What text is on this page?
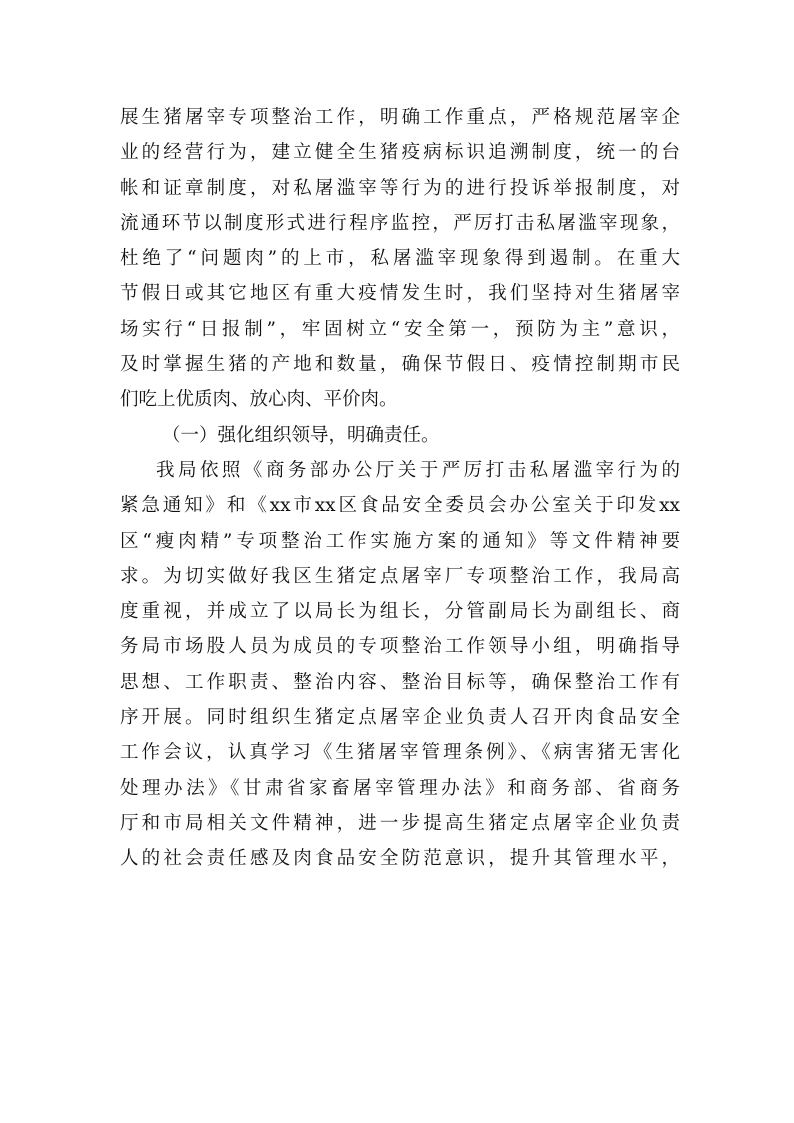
展生猪屠宰专项整治工作，明确工作重点，严格规范屠宰企
业的经营行为，建立健全生猪疫病标识追溯制度，统一的台
帐和证章制度，对私屠滥宰等行为的进行投诉举报制度，对
流通环节以制度形式进行程序监控，严厉打击私屠滥宰现象，
杜绝了“问题肉”的上市，私屠滥宰现象得到遏制。在重大
节假日或其它地区有重大疫情发生时，我们坚持对生猪屠宰
场实行“日报制”，牢固树立“安全第一，预防为主”意识，
及时掌握生猪的产地和数量，确保节假日、疫情控制期市民
们吃上优质肉、放心肉、平价肉。
（一）强化组织领导，明确责任。
我局依照《商务部办公厅关于严厉打击私屠滥宰行为的
紧急通知》和《xx市xx区食品安全委员会办公室关于印发xx
区“瘦肉精”专项整治工作实施方案的通知》等文件精神要
求。为切实做好我区生猪定点屠宰厂专项整治工作，我局高
度重视，并成立了以局长为组长，分管副局长为副组长、商
务局市场股人员为成员的专项整治工作领导小组，明确指导
思想、工作职责、整治内容、整治目标等，确保整治工作有
序开展。同时组织生猪定点屠宰企业负责人召开肉食品安全
工作会议，认真学习《生猪屠宰管理条例》、《病害猪无害化
处理办法》《甘肃省家畜屠宰管理办法》和商务部、省商务
厅和市局相关文件精神，进一步提高生猪定点屠宰企业负责
人的社会责任感及肉食品安全防范意识，提升其管理水平，
